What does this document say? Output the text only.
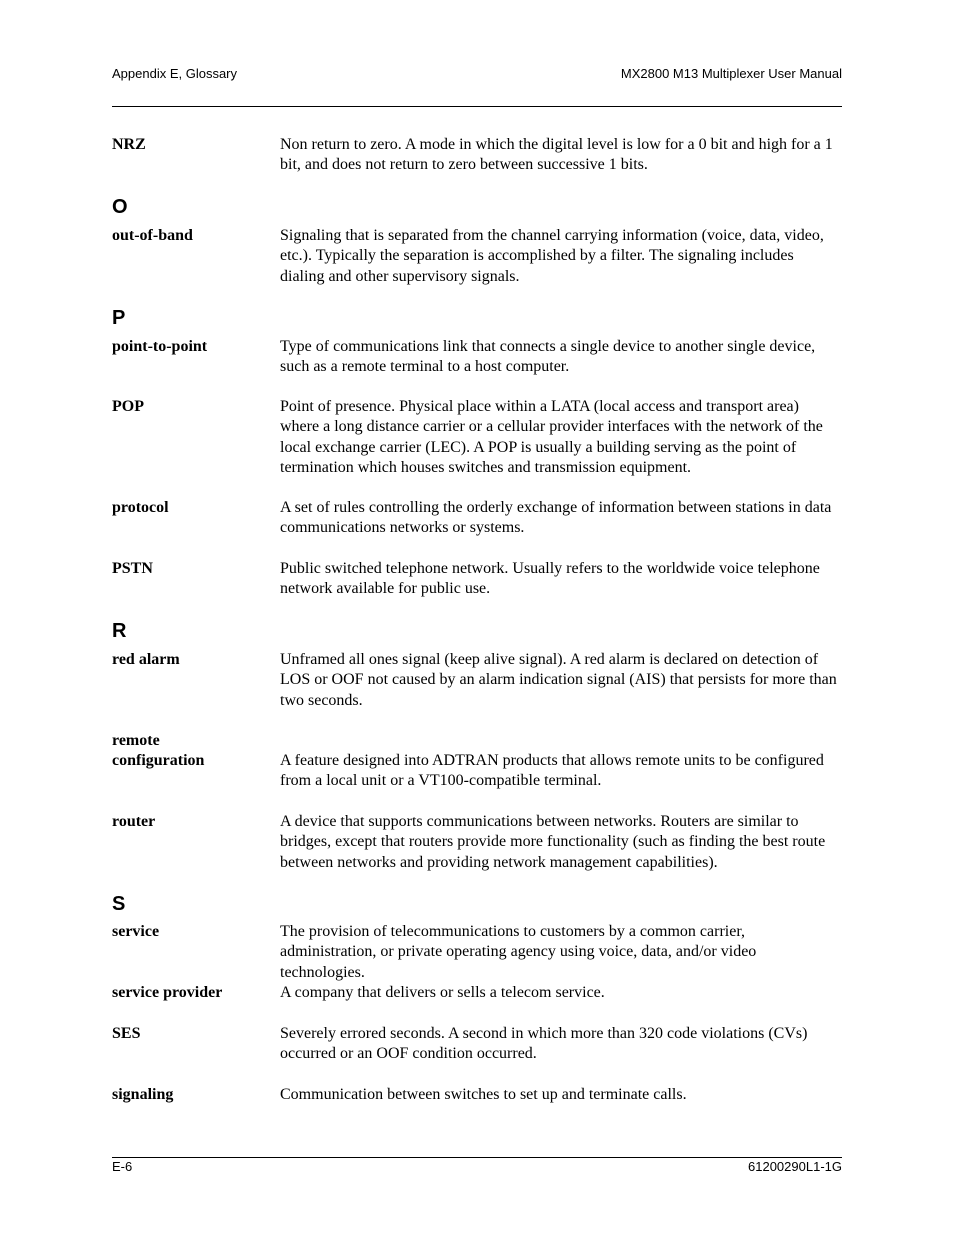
Appendix E, Glossary	MX2800 M13 Multiplexer User Manual
NRZ	Non return to zero. A mode in which the digital level is low for a 0 bit and high for a 1 bit, and does not return to zero between successive 1 bits.
O
out-of-band	Signaling that is separated from the channel carrying information (voice, data, video, etc.). Typically the separation is accomplished by a filter. The signaling includes dialing and other supervisory signals.
P
point-to-point	Type of communications link that connects a single device to another single device, such as a remote terminal to a host computer.
POP	Point of presence. Physical place within a LATA (local access and transport area) where a long distance carrier or a cellular provider interfaces with the network of the local exchange carrier (LEC). A POP is usually a building serving as the point of termination which houses switches and transmission equipment.
protocol	A set of rules controlling the orderly exchange of information between stations in data communications networks or systems.
PSTN	Public switched telephone network. Usually refers to the worldwide voice telephone network available for public use.
R
red alarm	Unframed all ones signal (keep alive signal). A red alarm is declared on detection of LOS or OOF not caused by an alarm indication signal (AIS) that persists for more than two seconds.
remote
configuration	A feature designed into ADTRAN products that allows remote units to be configured from a local unit or a VT100-compatible terminal.
router	A device that supports communications between networks. Routers are similar to bridges, except that routers provide more functionality (such as finding the best route between networks and providing network management capabilities).
S
service	The provision of telecommunications to customers by a common carrier, administration, or private operating agency using voice, data, and/or video technologies.
service provider	A company that delivers or sells a telecom service.
SES	Severely errored seconds. A second in which more than 320 code violations (CVs) occurred or an OOF condition occurred.
signaling	Communication between switches to set up and terminate calls.
E-6	61200290L1-1G
